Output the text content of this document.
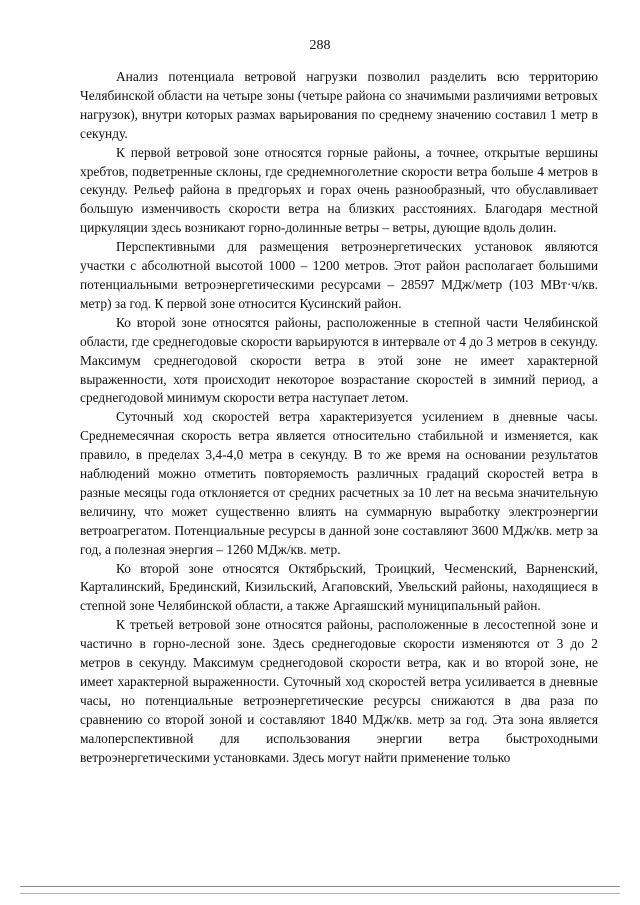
288

Анализ потенциала ветровой нагрузки позволил разделить всю территорию Челябинской области на четыре зоны (четыре района со значимыми различиями ветровых нагрузок), внутри которых размах варьирования по среднему значению составил 1 метр в секунду.

К первой ветровой зоне относятся горные районы, а точнее, открытые вершины хребтов, подветренные склоны, где среднемноголетние скорости ветра больше 4 метров в секунду. Рельеф района в предгорьях и горах очень разнообразный, что обуславливает большую изменчивость скорости ветра на близких расстояниях. Благодаря местной циркуляции здесь возникают горно-долинные ветры – ветры, дующие вдоль долин.

Перспективными для размещения ветроэнергетических установок являются участки с абсолютной высотой 1000 – 1200 метров. Этот район располагает большими потенциальными ветроэнергетическими ресурсами – 28597 МДж/метр (103 МВт·ч/кв. метр) за год. К первой зоне относится Кусинский район.

Ко второй зоне относятся районы, расположенные в степной части Челябинской области, где среднегодовые скорости варьируются в интервале от 4 до 3 метров в секунду. Максимум среднегодовой скорости ветра в этой зоне не имеет характерной выраженности, хотя происходит некоторое возрастание скоростей в зимний период, а среднегодовой минимум скорости ветра наступает летом.

Суточный ход скоростей ветра характеризуется усилением в дневные часы. Среднемесячная скорость ветра является относительно стабильной и изменяется, как правило, в пределах 3,4-4,0 метра в секунду. В то же время на основании результатов наблюдений можно отметить повторяемость различных градаций скоростей ветра в разные месяцы года отклоняется от средних расчетных за 10 лет на весьма значительную величину, что может существенно влиять на суммарную выработку электроэнергии ветроагрегатом. Потенциальные ресурсы в данной зоне составляют 3600 МДж/кв. метр за год, а полезная энергия – 1260 МДж/кв. метр.

Ко второй зоне относятся Октябрьский, Троицкий, Чесменский, Варненский, Карталинский, Брединский, Кизильский, Агаповский, Увельский районы, находящиеся в степной зоне Челябинской области, а также Аргаяшский муниципальный район.

К третьей ветровой зоне относятся районы, расположенные в лесостепной зоне и частично в горно-лесной зоне. Здесь среднегодовые скорости изменяются от 3 до 2 метров в секунду. Максимум среднегодовой скорости ветра, как и во второй зоне, не имеет характерной выраженности. Суточный ход скоростей ветра усиливается в дневные часы, но потенциальные ветроэнергетические ресурсы снижаются в два раза по сравнению со второй зоной и составляют 1840 МДж/кв. метр за год. Эта зона является малоперспективной для использования энергии ветра быстроходными ветроэнергетическими установками. Здесь могут найти применение только
